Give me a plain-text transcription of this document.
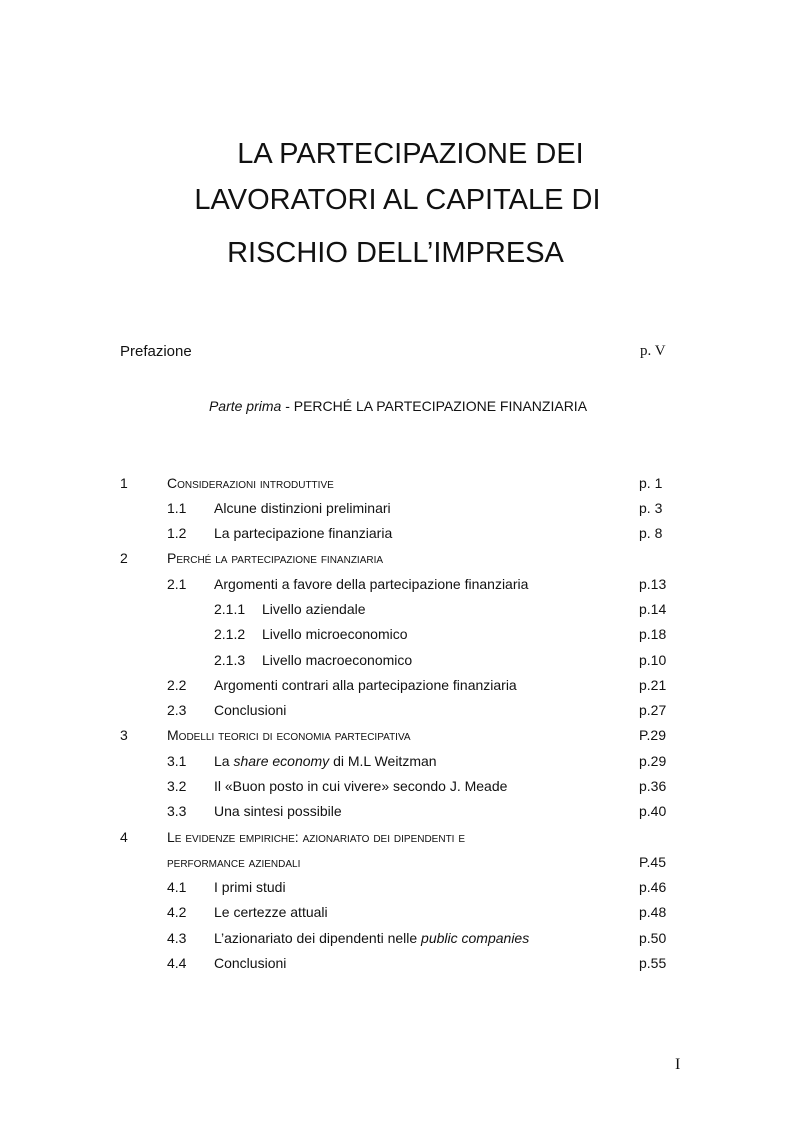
LA PARTECIPAZIONE DEI
LAVORATORI AL CAPITALE DI
RISCHIO DELL’IMPRESA
Prefazione	p. V
Parte prima - PERCHÉ LA PARTECIPAZIONE FINANZIARIA
1	Considerazioni introduttive	p. 1
1.1 Alcune distinzioni preliminari	p. 3
1.2 La partecipazione finanziaria	p. 8
2	Perché la partecipazione finanziaria
2.1 Argomenti a favore della partecipazione finanziaria	p.13
2.1.1 Livello aziendale	p.14
2.1.2 Livello microeconomico	p.18
2.1.3 Livello macroeconomico	p.10
2.2 Argomenti contrari alla partecipazione finanziaria	p.21
2.3 Conclusioni	p.27
3	Modelli teorici di economia partecipativa	P.29
3.1 La share economy di M.L Weitzman	p.29
3.2 Il «Buon posto in cui vivere» secondo J. Meade	p.36
3.3 Una sintesi possibile	p.40
4	Le evidenze empiriche: azionariato dei dipendenti e
performance aziendali	P.45
4.1 I primi studi	p.46
4.2 Le certezze attuali	p.48
4.3 L’azionariato dei dipendenti nelle public companies	p.50
4.4 Conclusioni	p.55
I
